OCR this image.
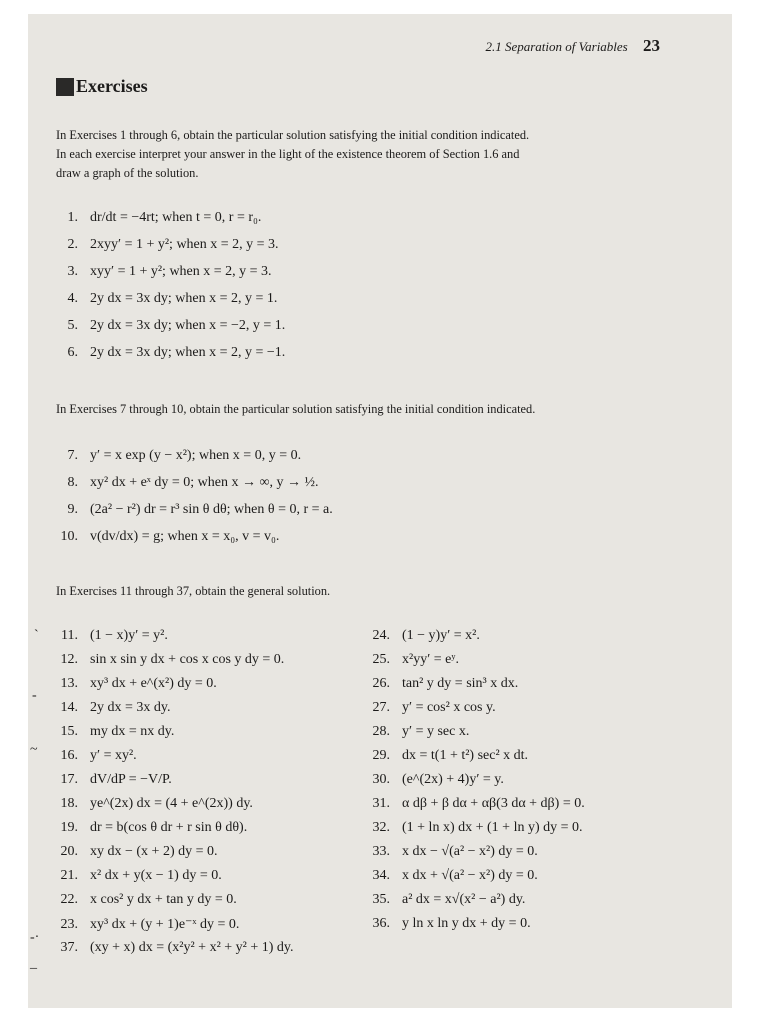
2.1 Separation of Variables 23
Exercises
In Exercises 1 through 6, obtain the particular solution satisfying the initial condition indicated.
In each exercise interpret your answer in the light of the existence theorem of Section 1.6 and
draw a graph of the solution.
1. dr/dt = −4rt; when t = 0, r = r₀.
2. 2xyy′ = 1 + y²; when x = 2, y = 3.
3. xyy′ = 1 + y²; when x = 2, y = 3.
4. 2y dx = 3x dy; when x = 2, y = 1.
5. 2y dx = 3x dy; when x = −2, y = 1.
6. 2y dx = 3x dy; when x = 2, y = −1.
In Exercises 7 through 10, obtain the particular solution satisfying the initial condition indicated.
7. y′ = x exp (y − x²); when x = 0, y = 0.
8. xy² dx + eˣ dy = 0; when x → ∞, y → ½.
9. (2a² − r²) dr = r³ sin θ dθ; when θ = 0, r = a.
10. v(dv/dx) = g; when x = x₀, v = v₀.
In Exercises 11 through 37, obtain the general solution.
11. (1 − x)y′ = y².
12. sin x sin y dx + cos x cos y dy = 0.
13. xy³ dx + e^(x²) dy = 0.
14. 2y dx = 3x dy.
15. my dx = nx dy.
16. y′ = xy².
17. dV/dP = −V/P.
18. ye^(2x) dx = (4 + e^(2x)) dy.
19. dr = b(cos θ dr + r sin θ dθ).
20. xy dx − (x + 2) dy = 0.
21. x² dx + y(x − 1) dy = 0.
22. x cos² y dx + tan y dy = 0.
23. xy³ dx + (y + 1)e⁻ˣ dy = 0.
37. (xy + x) dx = (x²y² + x² + y² + 1) dy.
24. (1 − y)y′ = x².
25. x²yy′ = eʸ.
26. tan² y dy = sin³ x dx.
27. y′ = cos² x cos y.
28. y′ = y sec x.
29. dx = t(1 + t²) sec² x dt.
30. (e^(2x) + 4)y′ = y.
31. α dβ + β dα + αβ(3 dα + dβ) = 0.
32. (1 + ln x) dx + (1 + ln y) dy = 0.
33. x dx − √(a² − x²) dy = 0.
34. x dx + √(a² − x²) dy = 0.
35. a² dx = x√(x² − a²) dy.
36. y ln x ln y dx + dy = 0.
`
-
~
-·
_
